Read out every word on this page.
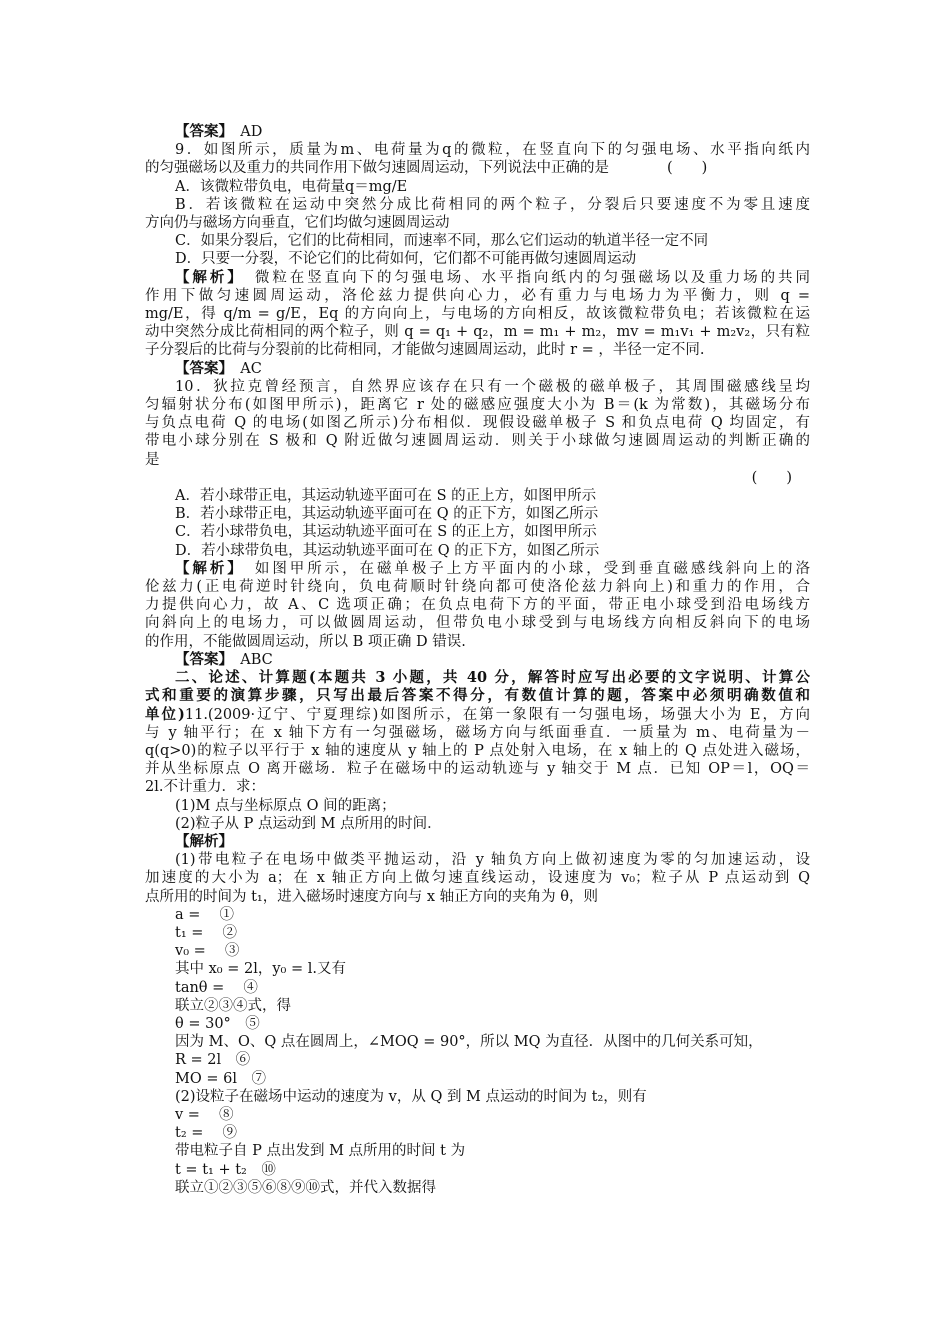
【答案】　AD
9．如图所示，质量为m、电荷量为q的微粒，在竖直向下的匀强电场、水平指向纸内
的匀强磁场以及重力的共同作用下做匀速圆周运动，下列说法中正确的是　　　　(　　)
A．该微粒带负电，电荷量q＝mg/E
B．若该微粒在运动中突然分成比荷相同的两个粒子，分裂后只要速度不为零且速度
方向仍与磁场方向垂直，它们均做匀速圆周运动
C．如果分裂后，它们的比荷相同，而速率不同，那么它们运动的轨道半径一定不同
D．只要一分裂，不论它们的比荷如何，它们都不可能再做匀速圆周运动
【解析】　微粒在竖直向下的匀强电场、水平指向纸内的匀强磁场以及重力场的共同
作用下做匀速圆周运动，洛伦兹力提供向心力，必有重力与电场力为平衡力，则 q =
mg/E，得 q/m = g/E，Eq 的方向向上，与电场的方向相反，故该微粒带负电；若该微粒在运
动中突然分成比荷相同的两个粒子，则 q = q₁ + q₂，m = m₁ + m₂，mv = m₁v₁ + m₂v₂，只有粒
子分裂后的比荷与分裂前的比荷相同，才能做匀速圆周运动，此时 r = ，半径一定不同.
【答案】　AC
10．狄拉克曾经预言，自然界应该存在只有一个磁极的磁单极子，其周围磁感线呈均
匀辐射状分布(如图甲所示)，距离它 r 处的磁感应强度大小为 B＝(k 为常数)，其磁场分布
与负点电荷 Q 的电场(如图乙所示)分布相似．现假设磁单极子 S 和负点电荷 Q 均固定，有
带电小球分别在 S 极和 Q 附近做匀速圆周运动．则关于小球做匀速圆周运动的判断正确的
是
(　　)
A．若小球带正电，其运动轨迹平面可在 S 的正上方，如图甲所示
B．若小球带正电，其运动轨迹平面可在 Q 的正下方，如图乙所示
C．若小球带负电，其运动轨迹平面可在 S 的正上方，如图甲所示
D．若小球带负电，其运动轨迹平面可在 Q 的正下方，如图乙所示
【解析】　如图甲所示，在磁单极子上方平面内的小球，受到垂直磁感线斜向上的洛
伦兹力(正电荷逆时针绕向，负电荷顺时针绕向都可使洛伦兹力斜向上)和重力的作用，合
力提供向心力，故 A、C 选项正确；在负点电荷下方的平面，带正电小球受到沿电场线方
向斜向上的电场力，可以做圆周运动，但带负电小球受到与电场线方向相反斜向下的电场
的作用，不能做圆周运动，所以 B 项正确 D 错误.
【答案】　ABC
二、论述、计算题(本题共 3 小题，共 40 分，解答时应写出必要的文字说明、计算公
式和重要的演算步骤，只写出最后答案不得分，有数值计算的题，答案中必须明确数值和
单位)11.(2009·辽宁、宁夏理综)如图所示，在第一象限有一匀强电场，场强大小为 E，方向
与 y 轴平行；在 x 轴下方有一匀强磁场，磁场方向与纸面垂直．一质量为 m、电荷量为－
q(q>0)的粒子以平行于 x 轴的速度从 y 轴上的 P 点处射入电场，在 x 轴上的 Q 点处进入磁场，
并从坐标原点 O 离开磁场．粒子在磁场中的运动轨迹与 y 轴交于 M 点．已知 OP＝l，OQ＝
2l.不计重力．求：
(1)M 点与坐标原点 O 间的距离；
(2)粒子从 P 点运动到 M 点所用的时间．
【解析】
(1)带电粒子在电场中做类平抛运动，沿 y 轴负方向上做初速度为零的匀加速运动，设
加速度的大小为 a；在 x 轴正方向上做匀速直线运动，设速度为 v₀；粒子从 P 点运动到 Q
点所用的时间为 t₁，进入磁场时速度方向与 x 轴正方向的夹角为 θ，则
a =　 ①
t₁ =　 ②
v₀ =　 ③
其中 x₀ = 2l，y₀ = l.又有
tanθ =　 ④
联立②③④式，得
θ = 30°　⑤
因为 M、O、Q 点在圆周上，∠MOQ = 90°，所以 MQ 为直径．从图中的几何关系可知，
R = 2l　⑥
MO = 6l　⑦
(2)设粒子在磁场中运动的速度为 v，从 Q 到 M 点运动的时间为 t₂，则有
v =　 ⑧
t₂ =　 ⑨
带电粒子自 P 点出发到 M 点所用的时间 t 为
t = t₁ + t₂　⑩
联立①②③⑤⑥⑧⑨⑩式，并代入数据得
